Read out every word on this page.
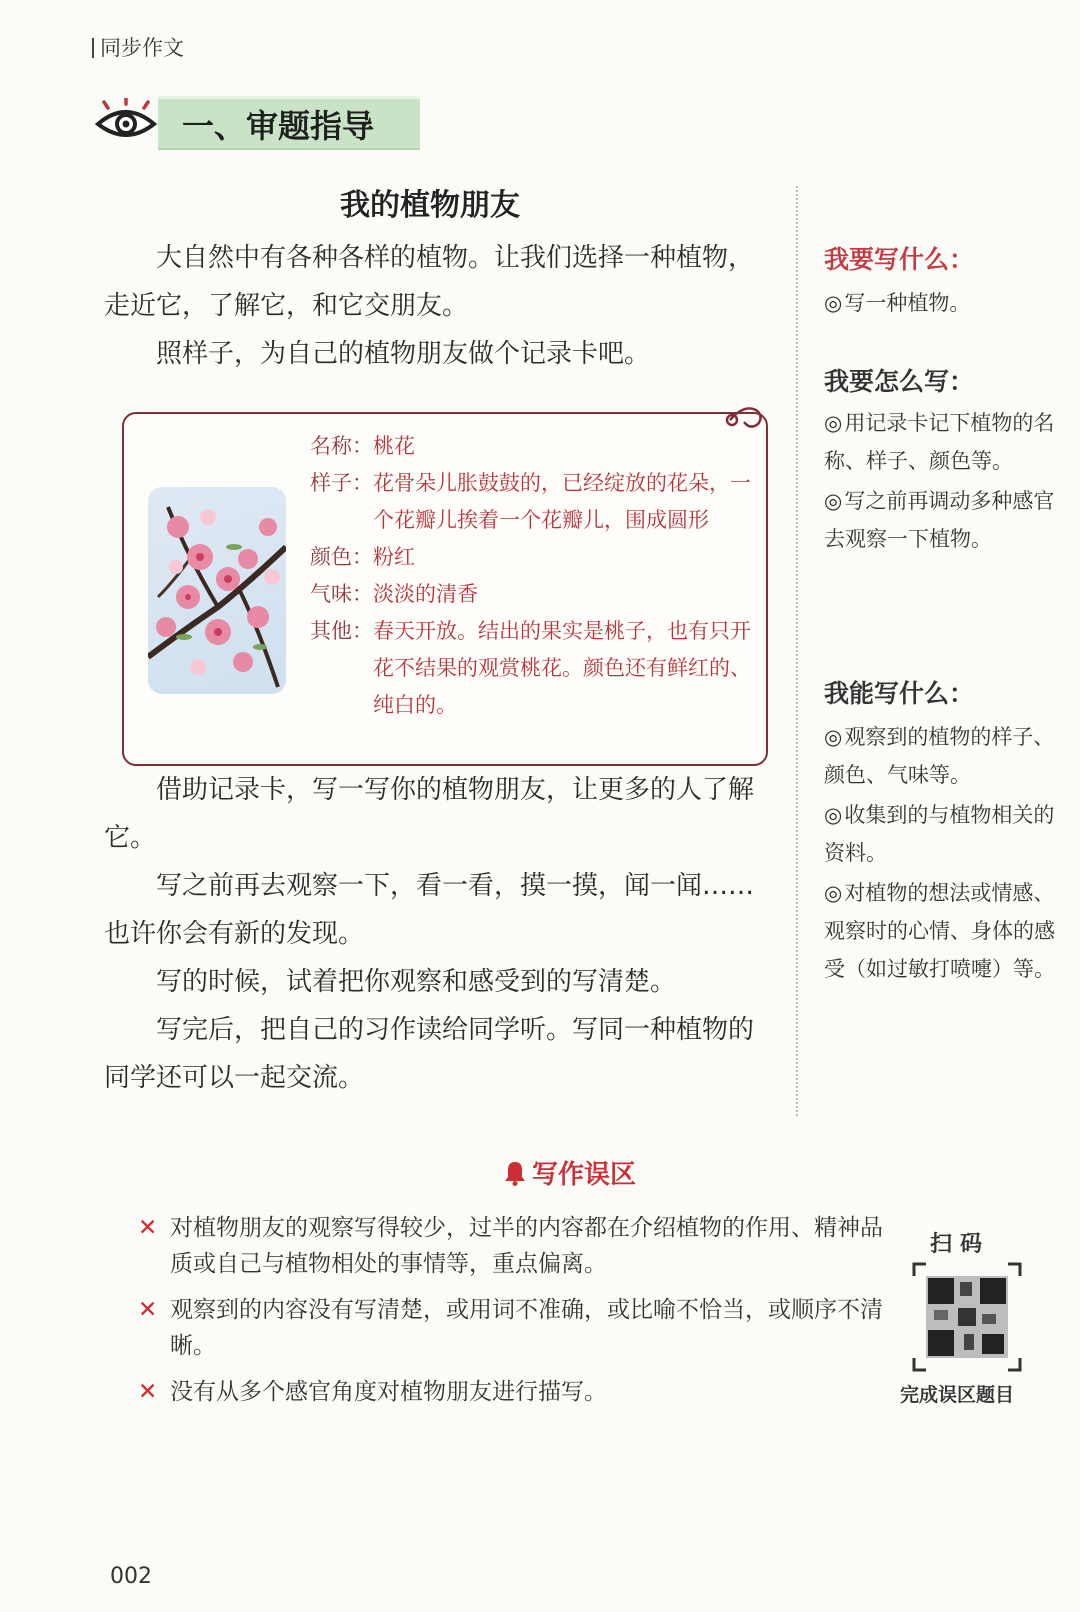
同步作文
一、审题指导
我的植物朋友

大自然中有各种各样的植物。让我们选择一种植物，走近它，了解它，和它交朋友。

照样子，为自己的植物朋友做个记录卡吧。

名称： 桃花
样子： 花骨朵儿胀鼓鼓的，已经绽放的花朵，一个花瓣儿挨着一个花瓣儿，围成圆形
颜色： 粉红
气味： 淡淡的清香
其他： 春天开放。结出的果实是桃子，也有只开花不结果的观赏桃花。颜色还有鲜红的、纯白的。

借助记录卡，写一写你的植物朋友，让更多的人了解它。

写之前再去观察一下，看一看，摸一摸，闻一闻……也许你会有新的发现。

写的时候，试着把你观察和感受到的写清楚。

写完后，把自己的习作读给同学听。写同一种植物的同学还可以一起交流。

我要写什么：
◎写一种植物。
我要怎么写：
◎用记录卡记下植物的名称、样子、颜色等。
◎写之前再调动多种感官去观察一下植物。
我能写什么：
◎观察到的植物的样子、颜色、气味等。
◎收集到的与植物相关的资料。
◎对植物的想法或情感、观察时的心情、身体的感受（如过敏打喷嚏）等。
写作误区
✕ 对植物朋友的观察写得较少，过半的内容都在介绍植物的作用、精神品质或自己与植物相处的事情等，重点偏离。
✕ 观察到的内容没有写清楚，或用词不准确，或比喻不恰当，或顺序不清晰。
✕ 没有从多个感官角度对植物朋友进行描写。
扫码
完成误区题目
002
